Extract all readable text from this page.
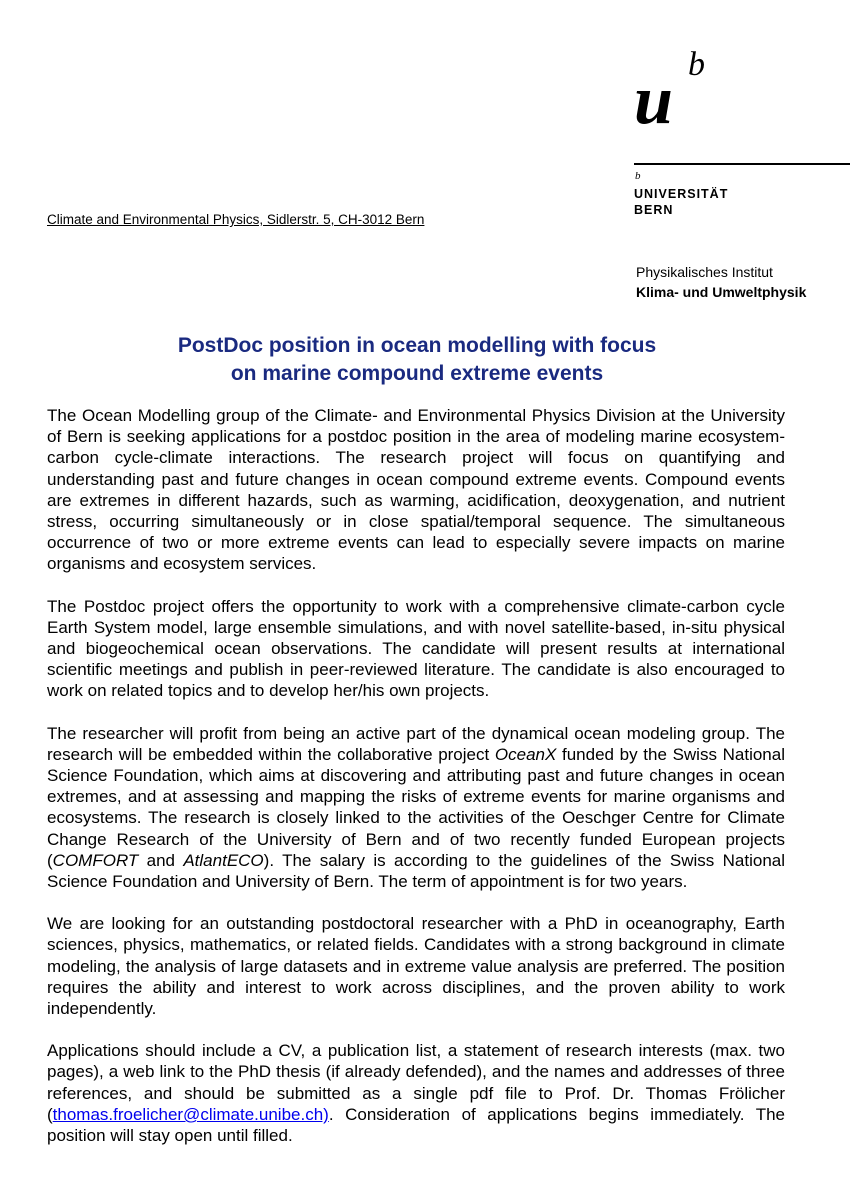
u b
b
UNIVERSITÄT
BERN
Climate and Environmental Physics, Sidlerstr. 5, CH-3012 Bern
Physikalisches Institut
Klima- und Umweltphysik
PostDoc position in ocean modelling with focus
on marine compound extreme events

The Ocean Modelling group of the Climate- and Environmental Physics Division at the University of Bern is seeking applications for a postdoc position in the area of modeling marine ecosystem-carbon cycle-climate interactions. The research project will focus on quantifying and understanding past and future changes in ocean compound extreme events. Compound events are extremes in different hazards, such as warming, acidification, deoxygenation, and nutrient stress, occurring simultaneously or in close spatial/temporal sequence. The simultaneous occurrence of two or more extreme events can lead to especially severe impacts on marine organisms and ecosystem services.

The Postdoc project offers the opportunity to work with a comprehensive climate-carbon cycle Earth System model, large ensemble simulations, and with novel satellite-based, in-situ physical and biogeochemical ocean observations. The candidate will present results at international scientific meetings and publish in peer-reviewed literature. The candidate is also encouraged to work on related topics and to develop her/his own projects.

The researcher will profit from being an active part of the dynamical ocean modeling group. The research will be embedded within the collaborative project OceanX funded by the Swiss National Science Foundation, which aims at discovering and attributing past and future changes in ocean extremes, and at assessing and mapping the risks of extreme events for marine organisms and ecosystems. The research is closely linked to the activities of the Oeschger Centre for Climate Change Research of the University of Bern and of two recently funded European projects (COMFORT and AtlantECO). The salary is according to the guidelines of the Swiss National Science Foundation and University of Bern. The term of appointment is for two years.

We are looking for an outstanding postdoctoral researcher with a PhD in oceanography, Earth sciences, physics, mathematics, or related fields. Candidates with a strong background in climate modeling, the analysis of large datasets and in extreme value analysis are preferred. The position requires the ability and interest to work across disciplines, and the proven ability to work independently.

Applications should include a CV, a publication list, a statement of research interests (max. two pages), a web link to the PhD thesis (if already defended), and the names and addresses of three references, and should be submitted as a single pdf file to Prof. Dr. Thomas Frölicher (thomas.froelicher@climate.unibe.ch). Consideration of applications begins immediately. The position will stay open until filled.
